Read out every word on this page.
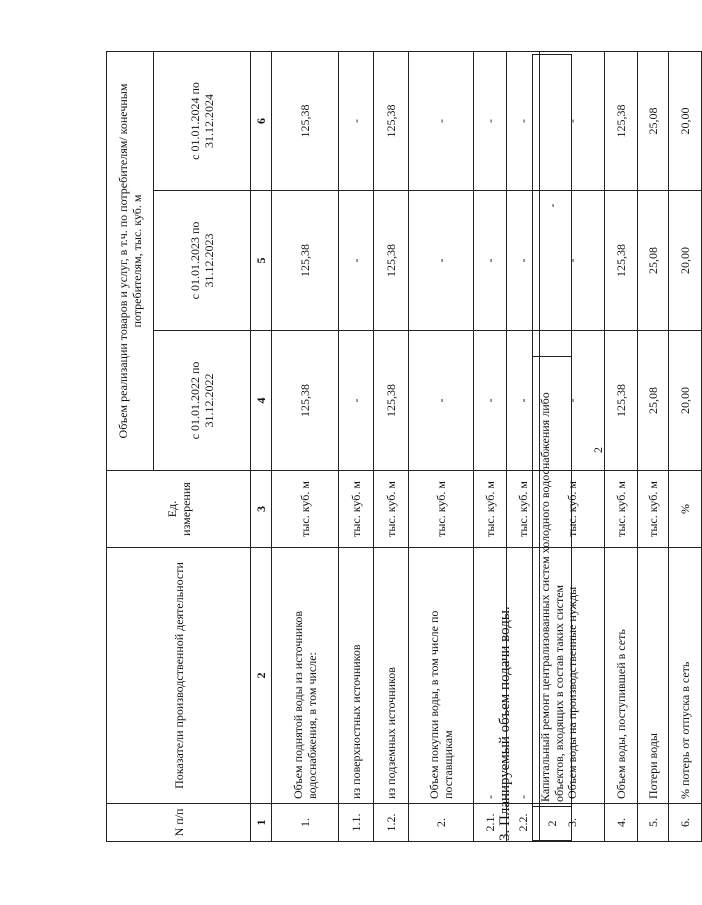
2
2	Капитальный ремонт централизованных систем холодного водоснабжения либо объектов, входящих в состав таких систем	-
3. Планируемый объем подачи воды.
N п/п	Показатели производственной деятельности	Ед. измерения	Объем реализации товаров и услуг, в т.ч. по потребителям/ конечным потребителям, тыс. куб. м		
			с 01.01.2022 по 31.12.2022	с 01.01.2023 по 31.12.2023	с 01.01.2024 по 31.12.2024
1	2	3	4	5	6
1.	Объем поднятой воды из источников водоснабжения, в том числе:	тыс. куб. м	125,38	125,38	125,38
1.1.	из поверхностных источников	тыс. куб. м	-	-	-
1.2.	из подземных источников	тыс. куб. м	125,38	125,38	125,38
2.	Объем покупки воды, в том числе по поставщикам	тыс. куб. м	-	-	-
2.1.	-	тыс. куб. м	-	-	-
2.2.	-	тыс. куб. м	-	-	-
3.	Объем воды на производственные нужды	тыс. куб. м	-	-	-
4.	Объем воды, поступившей в сеть	тыс. куб. м	125,38	125,38	125,38
5.	Потери воды	тыс. куб. м	25,08	25,08	25,08
6.	% потерь от отпуска в сеть	%	20,00	20,00	20,00
